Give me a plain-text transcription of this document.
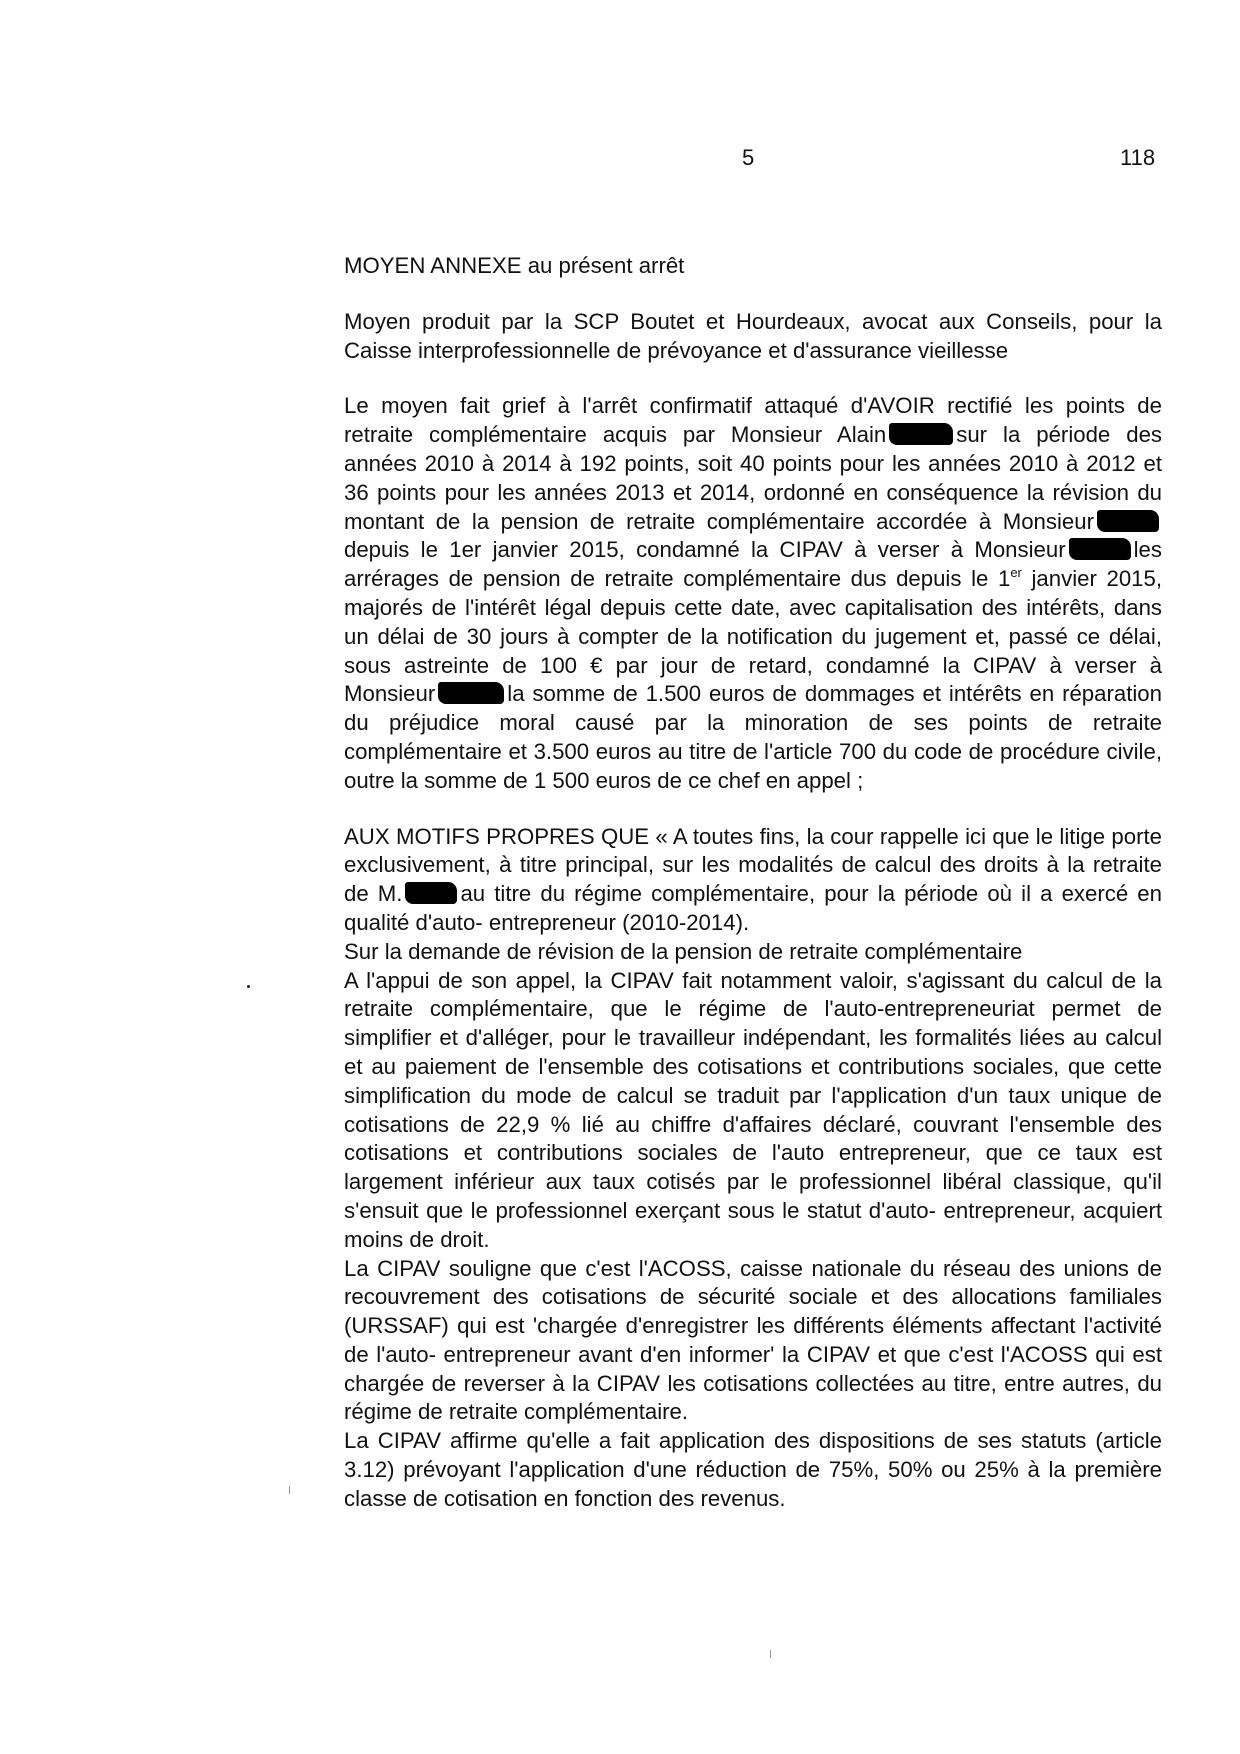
5	118
MOYEN ANNEXE au présent arrêt
Moyen produit par la SCP Boutet et Hourdeaux, avocat aux Conseils, pour la Caisse interprofessionnelle de prévoyance et d'assurance vieillesse
Le moyen fait grief à l'arrêt confirmatif attaqué d'AVOIR rectifié les points de retraite complémentaire acquis par Monsieur Alain	sur la période des années 2010 à 2014 à 192 points, soit 40 points pour les années 2010 à 2012 et 36 points pour les années 2013 et 2014, ordonné en conséquence la révision du montant de la pension de retraite complémentaire accordée à Monsieurdepuis le 1er janvier 2015, condamné la CIPAV à verser à Monsieur	les arrérages de pension de retraite complémentaire dus depuis le 1er janvier 2015, majorés de l'intérêt légal depuis cette date, avec capitalisation des intérêts, dans un délai de 30 jours à compter de la notification du jugement et, passé ce délai, sous astreinte de 100 € par jour de retard, condamné la CIPAV à verser à Monsieur	la somme de 1.500 euros de dommages et intérêts en réparation du préjudice moral causé par la minoration de ses points de retraite complémentaire et 3.500 euros au titre de l'article 700 du code de procédure civile, outre la somme de 1 500 euros de ce chef en appel ;
AUX MOTIFS PROPRES QUE « A toutes fins, la cour rappelle ici que le litige porte exclusivement, à titre principal, sur les modalités de calcul des droits à la retraite de M.	au titre du régime complémentaire, pour la période où il a exercé en qualité d'auto- entrepreneur (2010-2014).
Sur la demande de révision de la pension de retraite complémentaire
A l'appui de son appel, la CIPAV fait notamment valoir, s'agissant du calcul de la retraite complémentaire, que le régime de l'auto-entrepreneuriat permet de simplifier et d'alléger, pour le travailleur indépendant, les formalités liées au calcul et au paiement de l'ensemble des cotisations et contributions sociales, que cette simplification du mode de calcul se traduit par l'application d'un taux unique de cotisations de 22,9 % lié au chiffre d'affaires déclaré, couvrant l'ensemble des cotisations et contributions sociales de l'auto entrepreneur, que ce taux est largement inférieur aux taux cotisés par le professionnel libéral classique, qu'il s'ensuit que le professionnel exerçant sous le statut d'auto- entrepreneur, acquiert moins de droit.
La CIPAV souligne que c'est l'ACOSS, caisse nationale du réseau des unions de recouvrement des cotisations de sécurité sociale et des allocations familiales (URSSAF) qui est 'chargée d'enregistrer les différents éléments affectant l'activité de l'auto- entrepreneur avant d'en informer' la CIPAV et que c'est l'ACOSS qui est chargée de reverser à la CIPAV les cotisations collectées au titre, entre autres, du régime de retraite complémentaire.
La CIPAV affirme qu'elle a fait application des dispositions de ses statuts (article 3.12) prévoyant l'application d'une réduction de 75%, 50% ou 25% à la première classe de cotisation en fonction des revenus.
